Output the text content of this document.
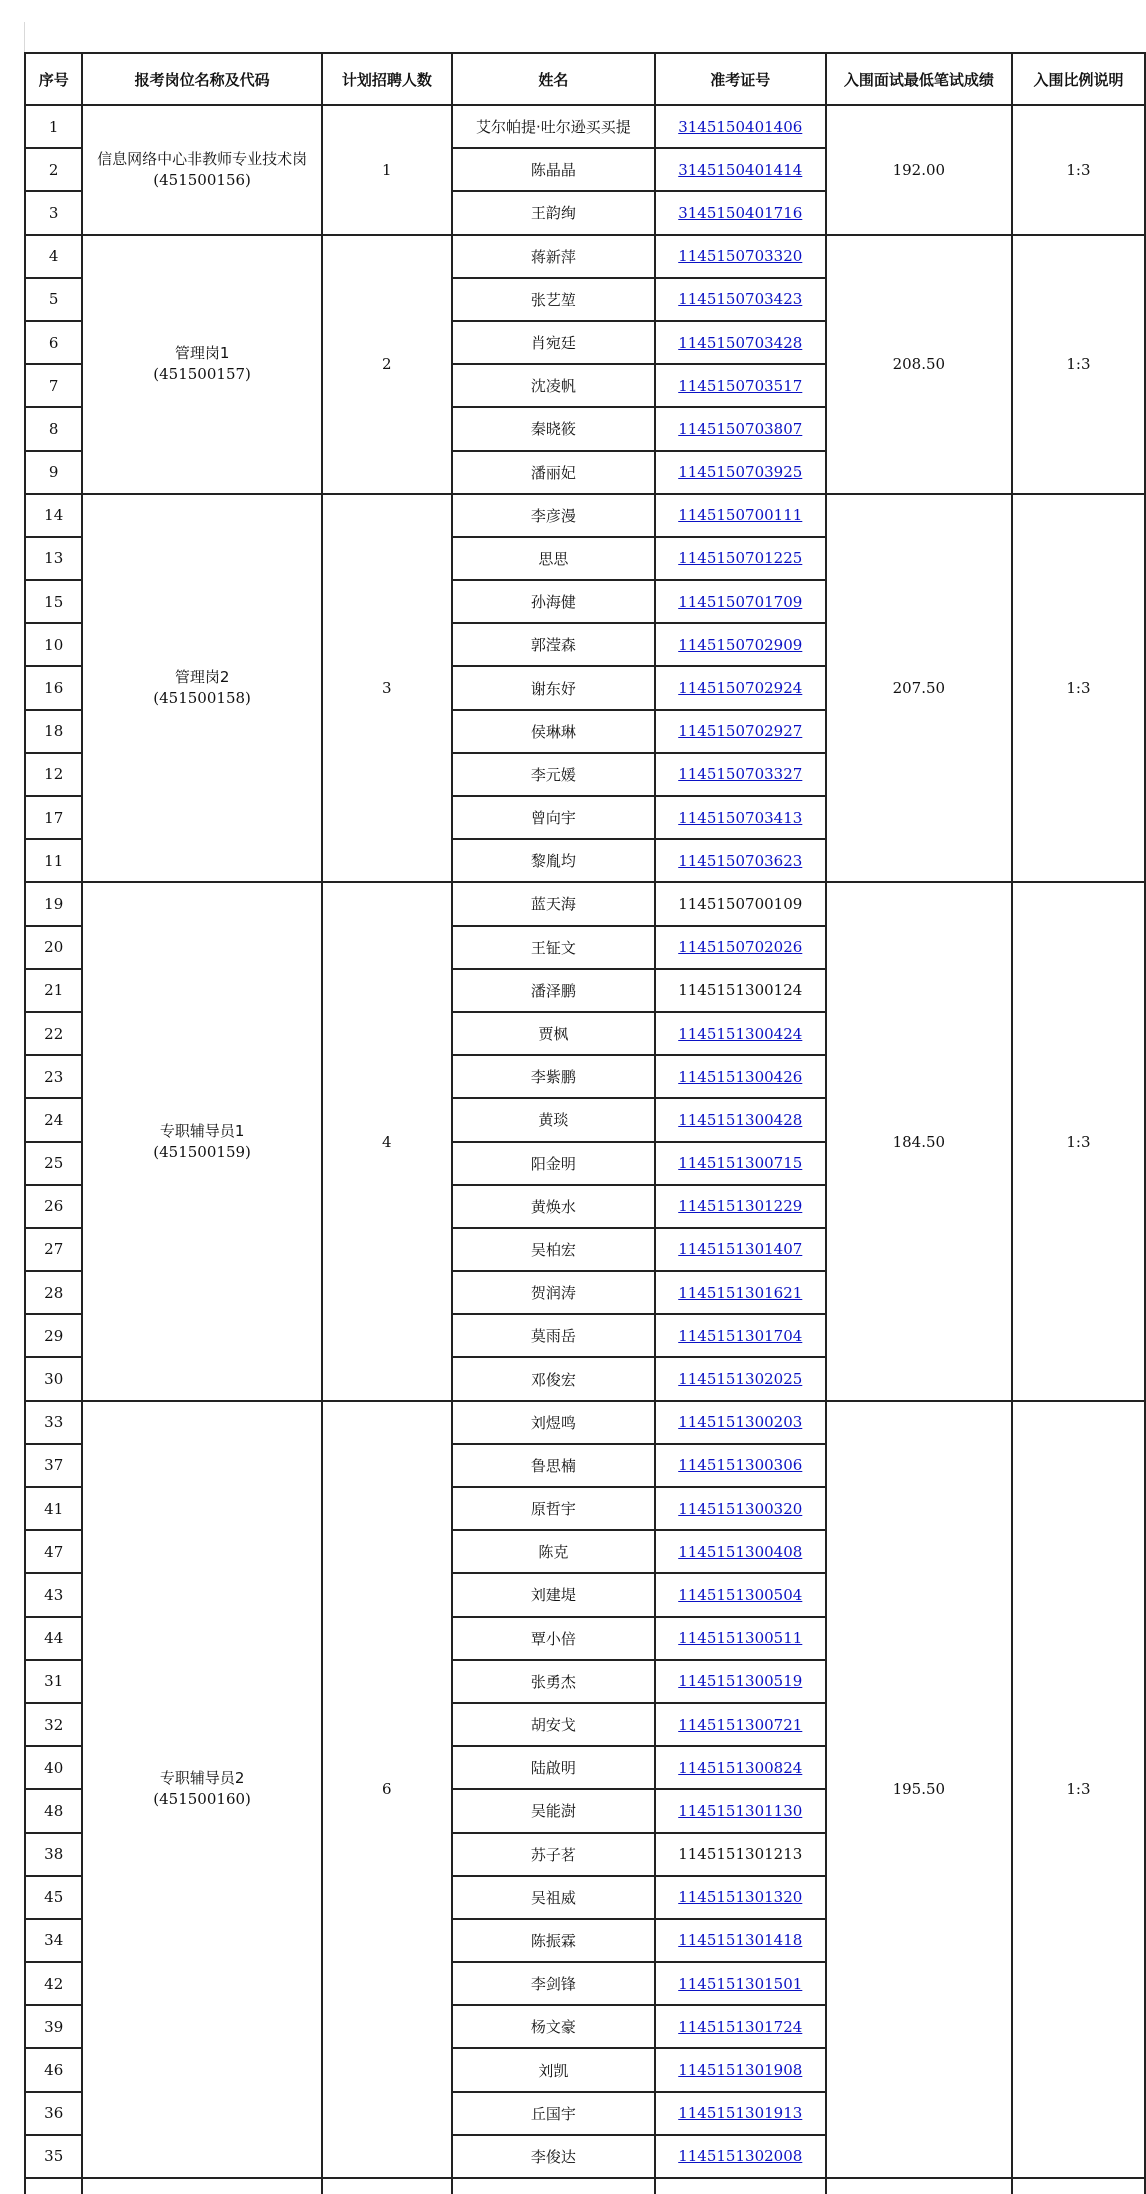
序号	报考岗位名称及代码	计划招聘人数	姓名	准考证号	入围面试最低笔试成绩	入围比例说明
1	信息网络中心非教师专业技术岗
(451500156)	1	艾尔帕提·吐尔逊买买提	3145150401406	192.00	1:3
2			陈晶晶	3145150401414		
3			王韵绚	3145150401716		
4	管理岗1
(451500157)	2	蒋新萍	1145150703320	208.50	1:3
5			张艺堃	1145150703423		
6			肖宛廷	1145150703428		
7			沈凌帆	1145150703517		
8			秦晓筱	1145150703807		
9			潘丽妃	1145150703925		
14	管理岗2
(451500158)	3	李彦漫	1145150700111	207.50	1:3
13			思思	1145150701225		
15			孙海健	1145150701709		
10			郭滢森	1145150702909		
16			谢东妤	1145150702924		
18			侯琳琳	1145150702927		
12			李元媛	1145150703327		
17			曾向宇	1145150703413		
11			黎胤均	1145150703623		
19	专职辅导员1
(451500159)	4	蓝天海	1145150700109	184.50	1:3
20			王钲文	1145150702026		
21			潘泽鹏	1145151300124		
22			贾枫	1145151300424		
23			李紫鹏	1145151300426		
24			黄琰	1145151300428		
25			阳金明	1145151300715		
26			黄焕水	1145151301229		
27			吴柏宏	1145151301407		
28			贺润涛	1145151301621		
29			莫雨岳	1145151301704		
30			邓俊宏	1145151302025		
33	专职辅导员2
(451500160)	6	刘煜鸣	1145151300203	195.50	1:3
37			鲁思楠	1145151300306		
41			原哲宇	1145151300320		
47			陈克	1145151300408		
43			刘建堤	1145151300504		
44			覃小倍	1145151300511		
31			张勇杰	1145151300519		
32			胡安戈	1145151300721		
40			陆啟明	1145151300824		
48			吴能澍	1145151301130		
38			苏子茗	1145151301213		
45			吴祖威	1145151301320		
34			陈振霖	1145151301418		
42			李剑锋	1145151301501		
39			杨文豪	1145151301724		
46			刘凯	1145151301908		
36			丘国宇	1145151301913		
35			李俊达	1145151302008		
